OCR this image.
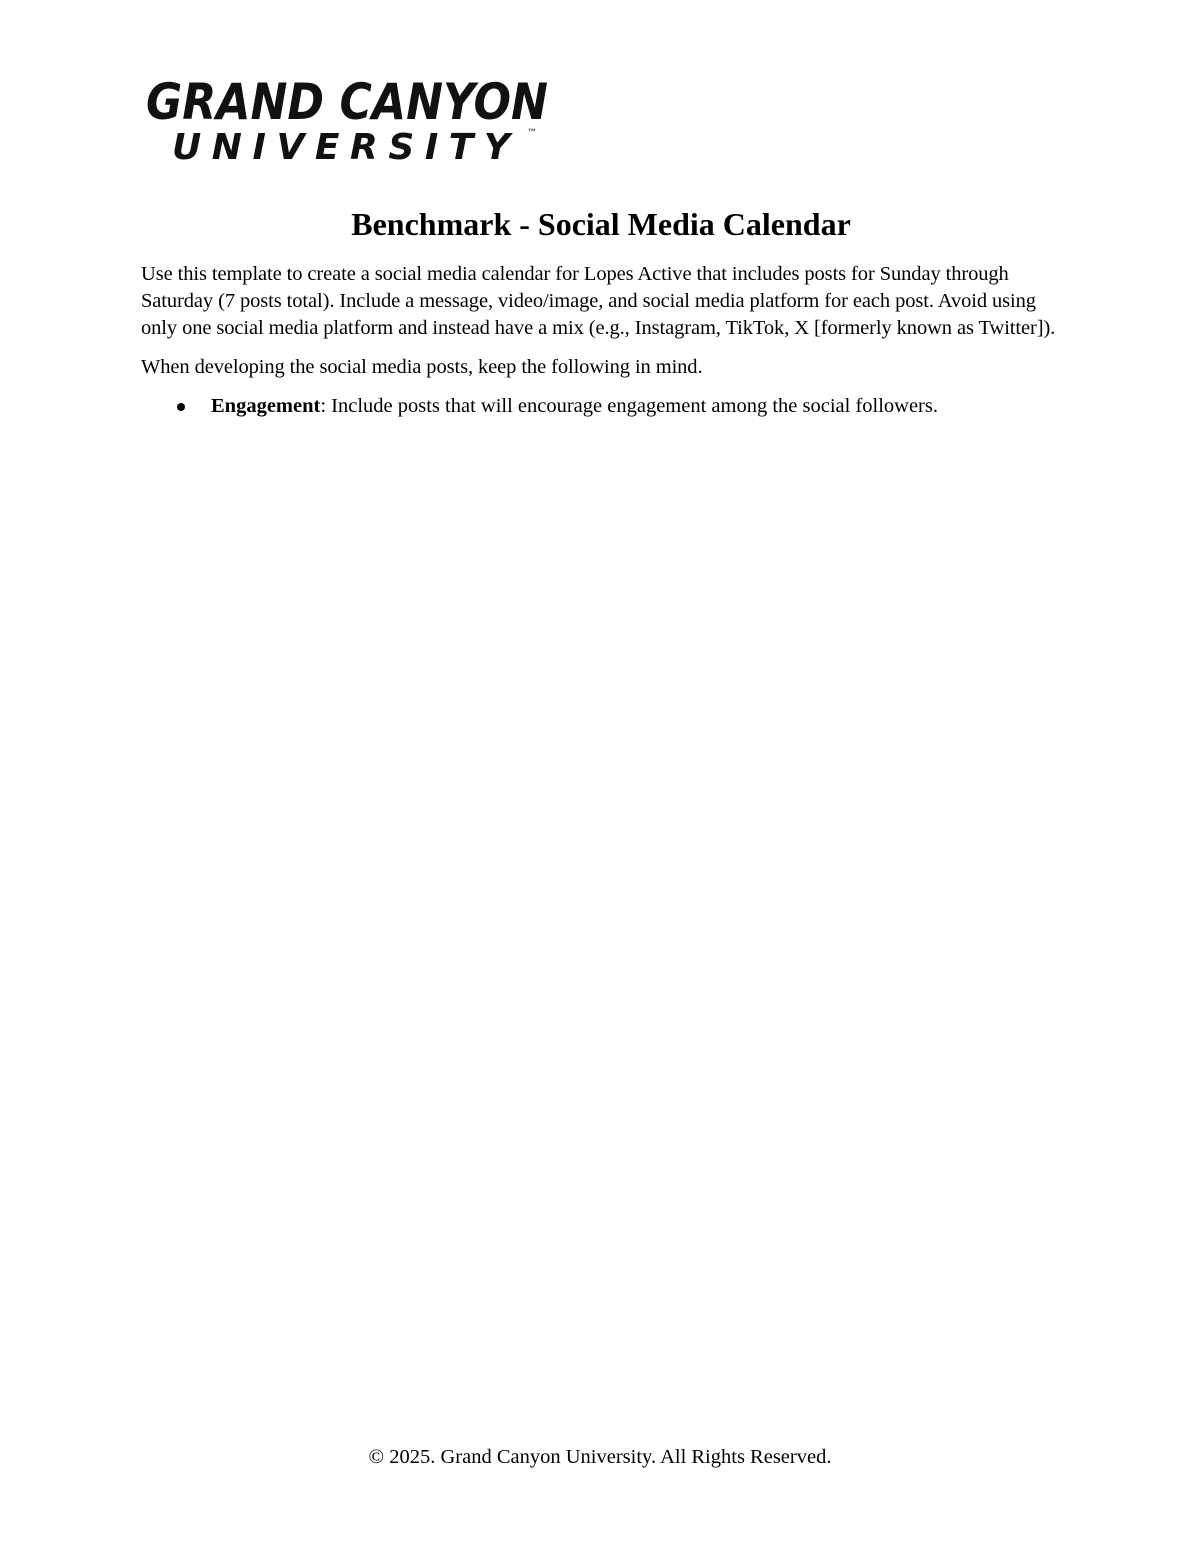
GRAND CANYON
UNIVERSITY ™
Benchmark - Social Media Calendar

Use this template to create a social media calendar for Lopes Active that includes posts for Sunday through Saturday (7 posts total). Include a message, video/image, and social media platform for each post. Avoid using only one social media platform and instead have a mix (e.g., Instagram, TikTok, X [formerly known as Twitter]).

When developing the social media posts, keep the following in mind.

Engagement: Include posts that will encourage engagement among the social followers.
© 2025. Grand Canyon University. All Rights Reserved.
